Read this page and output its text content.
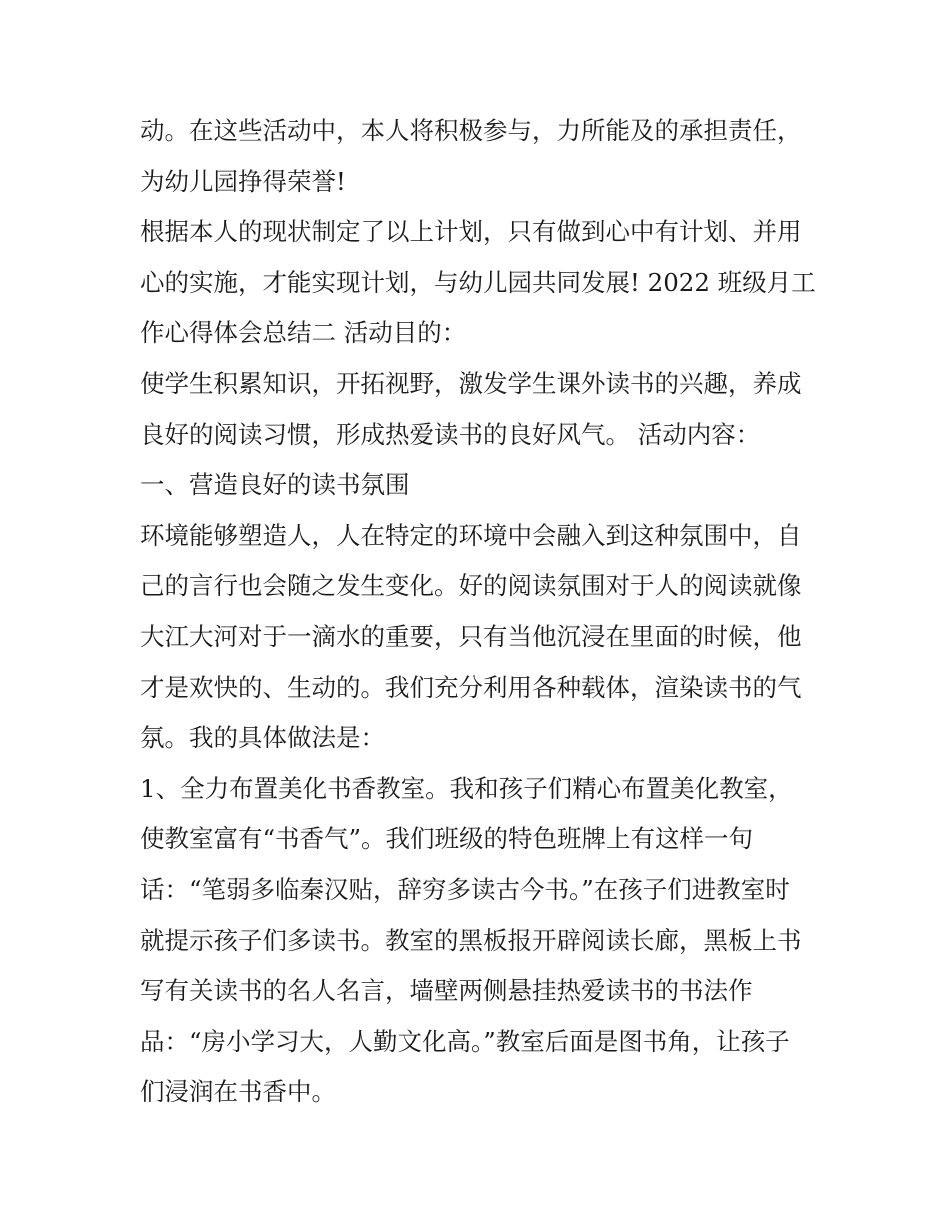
动。在这些活动中，本人将积极参与，力所能及的承担责任，
为幼儿园挣得荣誉!
根据本人的现状制定了以上计划，只有做到心中有计划、并用
心的实施，才能实现计划，与幼儿园共同发展! 2022 班级月工
作心得体会总结二 活动目的：
使学生积累知识，开拓视野，激发学生课外读书的兴趣，养成
良好的阅读习惯，形成热爱读书的良好风气。 活动内容：
一、营造良好的读书氛围
环境能够塑造人，人在特定的环境中会融入到这种氛围中，自
己的言行也会随之发生变化。好的阅读氛围对于人的阅读就像
大江大河对于一滴水的重要，只有当他沉浸在里面的时候，他
才是欢快的、生动的。我们充分利用各种载体，渲染读书的气
氛。我的具体做法是：
1、全力布置美化书香教室。我和孩子们精心布置美化教室，
使教室富有“书香气”。我们班级的特色班牌上有这样一句
话：“笔弱多临秦汉贴，辞穷多读古今书。”在孩子们进教室时
就提示孩子们多读书。教室的黑板报开辟阅读长廊，黑板上书
写有关读书的名人名言，墙壁两侧悬挂热爱读书的书法作
品：“房小学习大，人勤文化高。”教室后面是图书角，让孩子
们浸润在书香中。
